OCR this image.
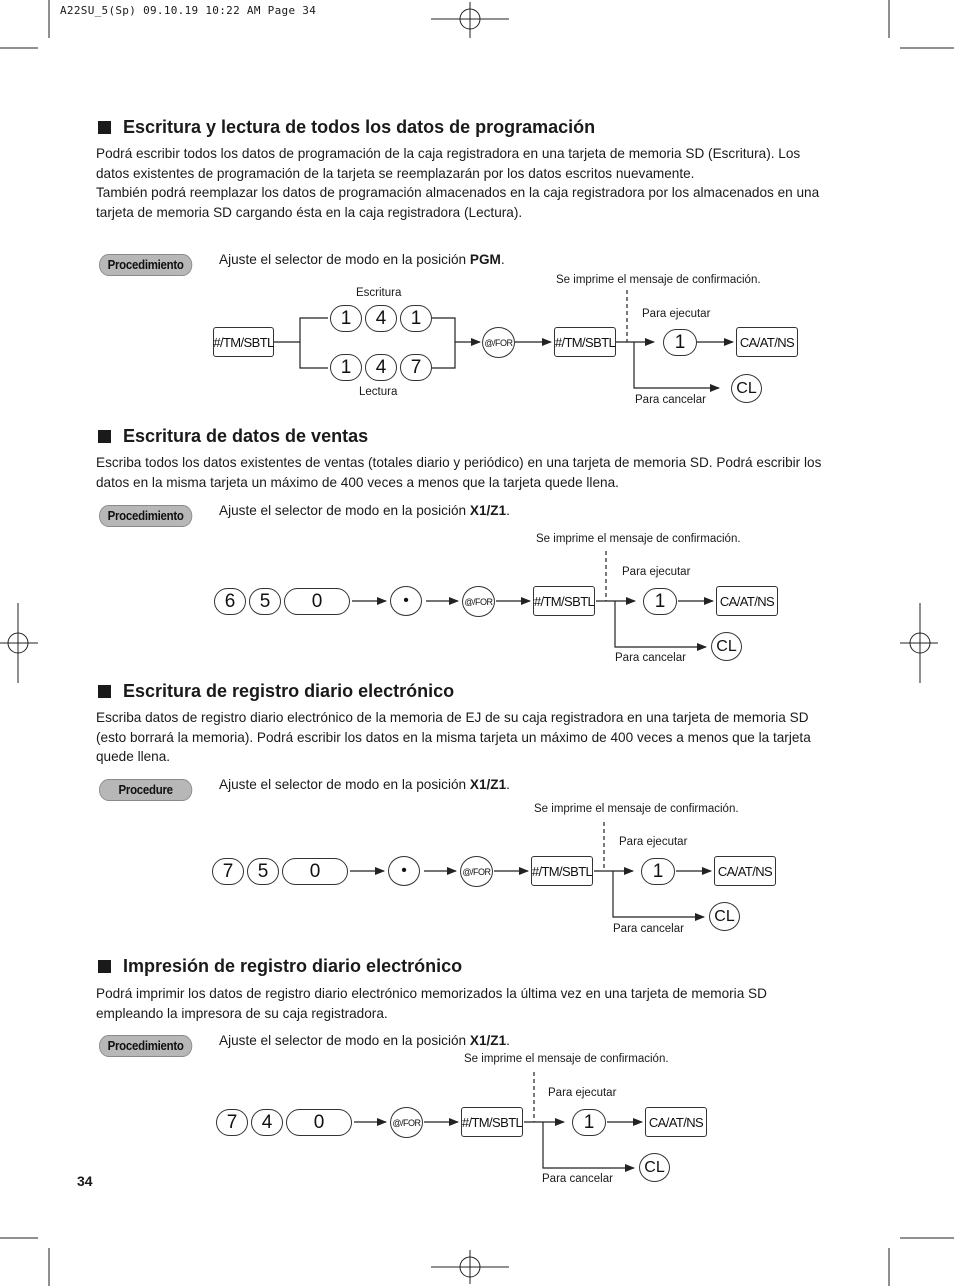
A22SU_5(Sp) 09.10.19 10:22 AM Page 34
Escritura y lectura de todos los datos de programación

Podrá escribir todos los datos de programación de la caja registradora en una tarjeta de memoria SD (Escritura). Los datos existentes de programación de la tarjeta se reemplazarán por los datos escritos nuevamente.

También podrá reemplazar los datos de programación almacenados en la caja registradora por los almacenados en una tarjeta de memoria SD cargando ésta en la caja registradora (Lectura).

Procedimiento	Ajuste el selector de modo en la posición PGM.
Escritura
Lectura
Se imprime el mensaje de confirmación.
Para ejecutar
Para cancelar
#/TM/SBTL
1	4	1
1	4	7
@/FOR	#/TM/SBTL	1	CA/AT/NS
CL
Escritura de datos de ventas

Escriba todos los datos existentes de ventas (totales diario y periódico) en una tarjeta de memoria SD. Podrá escribir los datos en la misma tarjeta un máximo de 400 veces a menos que la tarjeta quede llena.

Procedimiento	Ajuste el selector de modo en la posición X1/Z1.
Se imprime el mensaje de confirmación.
Para ejecutar
Para cancelar
6	5	0	•	@/FOR	#/TM/SBTL	1	CA/AT/NS
CL
Escritura de registro diario electrónico

Escriba datos de registro diario electrónico de la memoria de EJ de su caja registradora en una tarjeta de memoria SD (esto borrará la memoria). Podrá escribir los datos en la misma tarjeta un máximo de 400 veces a menos que la tarjeta quede llena.

Procedure	Ajuste el selector de modo en la posición X1/Z1.
Se imprime el mensaje de confirmación.
Para ejecutar
Para cancelar
7	5	0	•	@/FOR	#/TM/SBTL	1	CA/AT/NS
CL
Impresión de registro diario electrónico

Podrá imprimir los datos de registro diario electrónico memorizados la última vez en una tarjeta de memoria SD empleando la impresora de su caja registradora.

Procedimiento	Ajuste el selector de modo en la posición X1/Z1.
Se imprime el mensaje de confirmación.
Para ejecutar
Para cancelar
7	4	0	@/FOR	#/TM/SBTL	1	CA/AT/NS
CL
34
